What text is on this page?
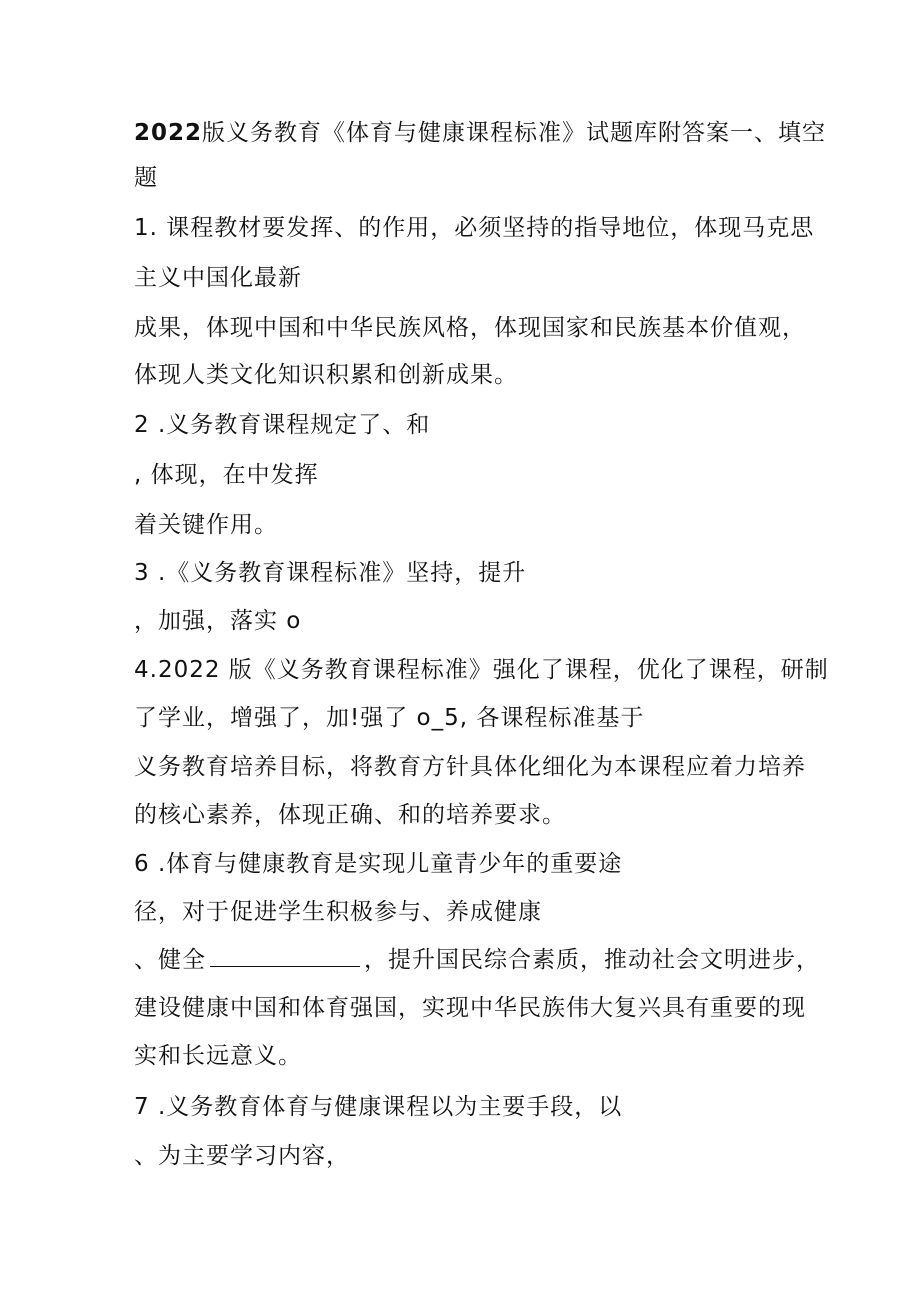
2022版义务教育《体育与健康课程标准》试题库附答案一、填空
题
1. 课程教材要发挥、的作用，必须坚持的指导地位，体现马克思
主义中国化最新
成果，体现中国和中华民族风格，体现国家和民族基本价值观，
体现人类文化知识积累和创新成果。
2 .义务教育课程规定了、和
, 体现，在中发挥
着关键作用。
3 .《义务教育课程标准》坚持，提升
，加强，落实 o
4.2022 版《义务教育课程标准》强化了课程，优化了课程，研制
了学业，增强了，加!强了 o_5, 各课程标准基于
义务教育培养目标，将教育方针具体化细化为本课程应着力培养
的核心素养，体现正确、和的培养要求。
6 .体育与健康教育是实现儿童青少年的重要途
径，对于促进学生积极参与、养成健康
、健全	，提升国民综合素质，推动社会文明进步，
建设健康中国和体育强国，实现中华民族伟大复兴具有重要的现
实和长远意义。
7 .义务教育体育与健康课程以为主要手段，以
、为主要学习内容，
